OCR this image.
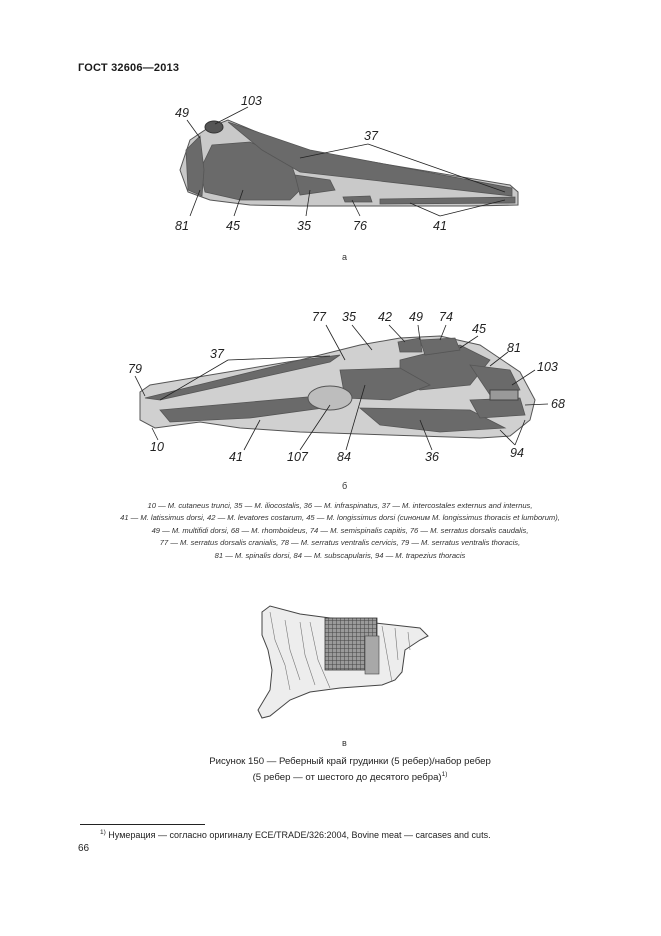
ГОСТ 32606—2013
103
49
37
81	45	35	76	41
а
77 35 42 49 74
45
81
103
68
79
37
10
41	107 84	36	94
б
10 — M. cutaneus trunci, 35 — M. iliocostalis, 36 — M. infraspinatus, 37 — M. intercostales externus and internus,
41 — M. latissimus dorsi, 42 — M. levatores costarum, 45 — M. longissimus dorsi (синоним M. longissimus thoracis et lumborum),
49 — M. multifidi dorsi, 68 — M. rhomboideus, 74 — M. semispinalis capitis, 76 — M. serratus dorsalis caudalis,
77 — M. serratus dorsalis cranialis, 78 — M. serratus ventralis cervicis, 79 — M. serratus ventralis thoracis,
81 — M. spinalis dorsi, 84 — M. subscapularis, 94 — M. trapezius thoracis
в
Рисунок 150 — Реберный край грудинки (5 ребер)/набор ребер
(5 ребер — от шестого до десятого ребра)$^{1)}$
$^{1)}$ Нумерация — согласно оригиналу ECE/TRADE/326:2004, Bovine meat — carcases and cuts.
66
